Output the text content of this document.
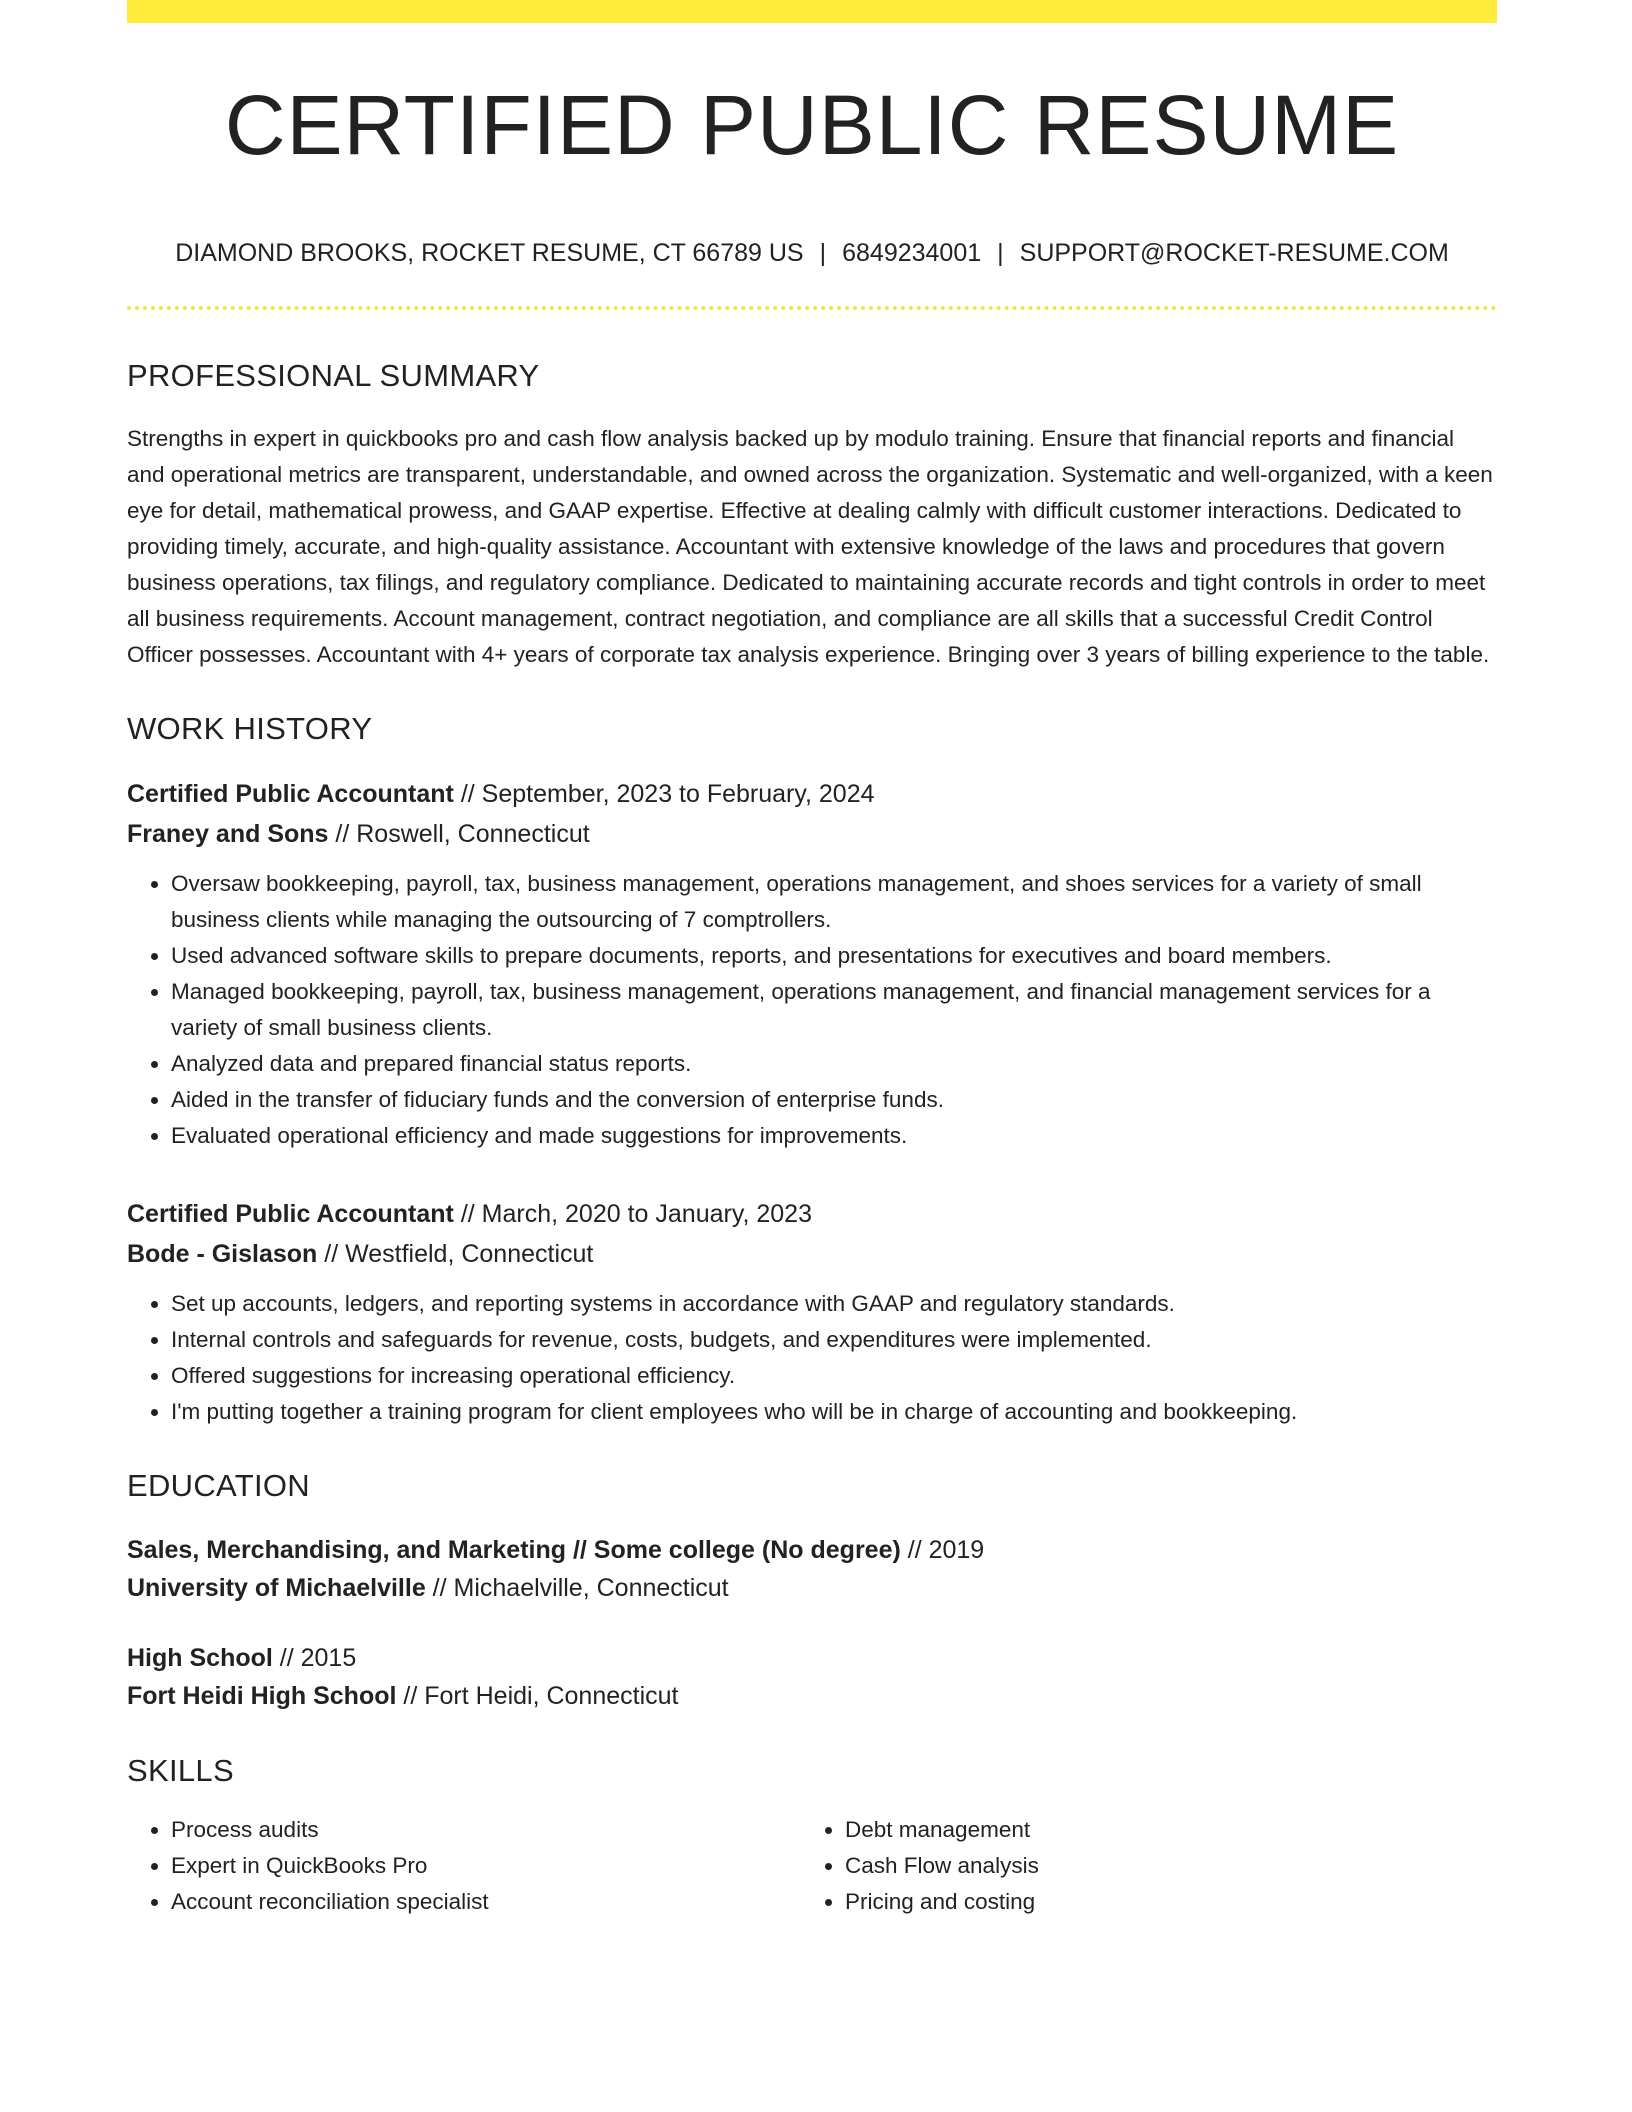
CERTIFIED PUBLIC RESUME
DIAMOND BROOKS, ROCKET RESUME, CT 66789 US | 6849234001 | SUPPORT@ROCKET-RESUME.COM
PROFESSIONAL SUMMARY

Strengths in expert in quickbooks pro and cash flow analysis backed up by modulo training. Ensure that financial reports and financial and operational metrics are transparent, understandable, and owned across the organization. Systematic and well-organized, with a keen eye for detail, mathematical prowess, and GAAP expertise. Effective at dealing calmly with difficult customer interactions. Dedicated to providing timely, accurate, and high-quality assistance. Accountant with extensive knowledge of the laws and procedures that govern business operations, tax filings, and regulatory compliance. Dedicated to maintaining accurate records and tight controls in order to meet all business requirements. Account management, contract negotiation, and compliance are all skills that a successful Credit Control Officer possesses. Accountant with 4+ years of corporate tax analysis experience. Bringing over 3 years of billing experience to the table.

WORK HISTORY
Certified Public Accountant // September, 2023 to February, 2024
Franey and Sons // Roswell, Connecticut
• Oversaw bookkeeping, payroll, tax, business management, operations management, and shoes services for a variety of small business clients while managing the outsourcing of 7 comptrollers.
• Used advanced software skills to prepare documents, reports, and presentations for executives and board members.
• Managed bookkeeping, payroll, tax, business management, operations management, and financial management services for a variety of small business clients.
• Analyzed data and prepared financial status reports.
• Aided in the transfer of fiduciary funds and the conversion of enterprise funds.
• Evaluated operational efficiency and made suggestions for improvements.
Certified Public Accountant // March, 2020 to January, 2023
Bode - Gislason // Westfield, Connecticut
• Set up accounts, ledgers, and reporting systems in accordance with GAAP and regulatory standards.
• Internal controls and safeguards for revenue, costs, budgets, and expenditures were implemented.
• Offered suggestions for increasing operational efficiency.
• I'm putting together a training program for client employees who will be in charge of accounting and bookkeeping.
EDUCATION
Sales, Merchandising, and Marketing // Some college (No degree) // 2019
University of Michaelville // Michaelville, Connecticut
High School // 2015
Fort Heidi High School // Fort Heidi, Connecticut
SKILLS
• Process audits
• Expert in QuickBooks Pro
• Account reconciliation specialist
• Debt management
• Cash Flow analysis
• Pricing and costing
